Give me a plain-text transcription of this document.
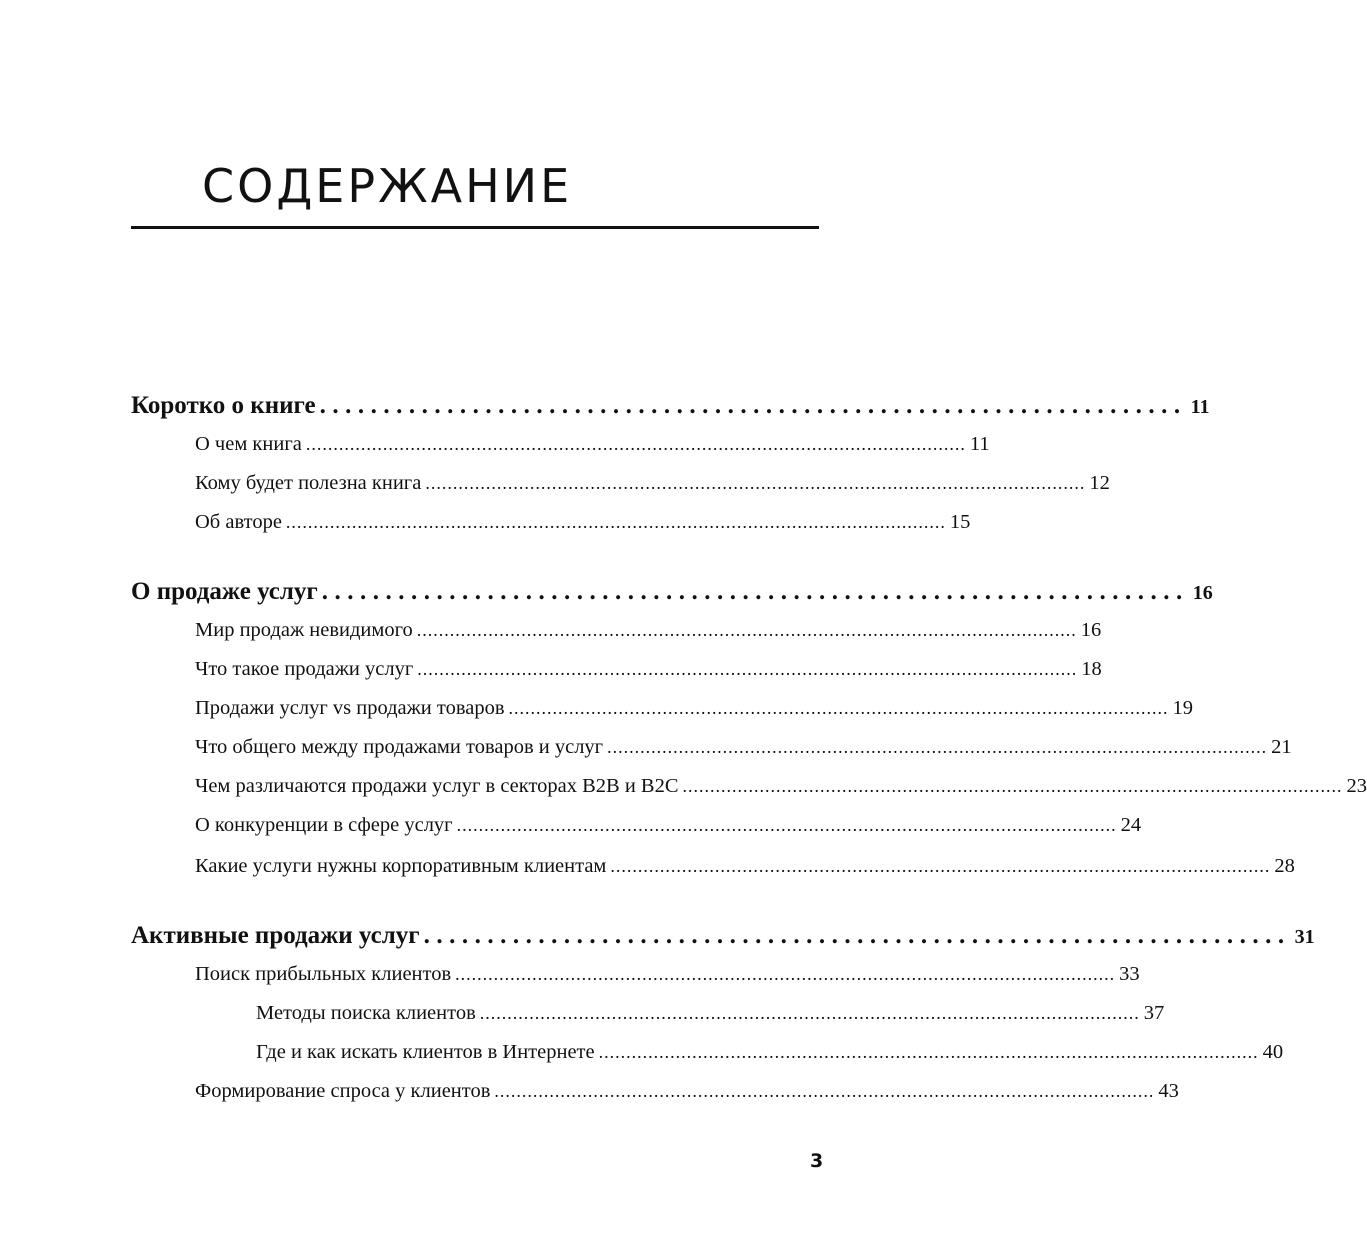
СОДЕРЖАНИЕ
Коротко о книге .................................................................... 11
О чем книга ........................................................................................................................ 11
Кому будет полезна книга ........................................................................................................................ 12
Об авторе ........................................................................................................................ 15
О продаже услуг .................................................................... 16
Мир продаж невидимого ........................................................................................................................ 16
Что такое продажи услуг ........................................................................................................................ 18
Продажи услуг vs продажи товаров ........................................................................................................................ 19
Что общего между продажами товаров и услуг ........................................................................................................................ 21
Чем различаются продажи услуг в секторах B2B и B2C ........................................................................................................................ 23
О конкуренции в сфере услуг ........................................................................................................................ 24
Какие услуги нужны корпоративным клиентам ........................................................................................................................ 28
Активные продажи услуг .................................................................... 31
Поиск прибыльных клиентов ........................................................................................................................ 33
Методы поиска клиентов ........................................................................................................................ 37
Где и как искать клиентов в Интернете ........................................................................................................................ 40
Формирование спроса у клиентов ........................................................................................................................ 43
3
